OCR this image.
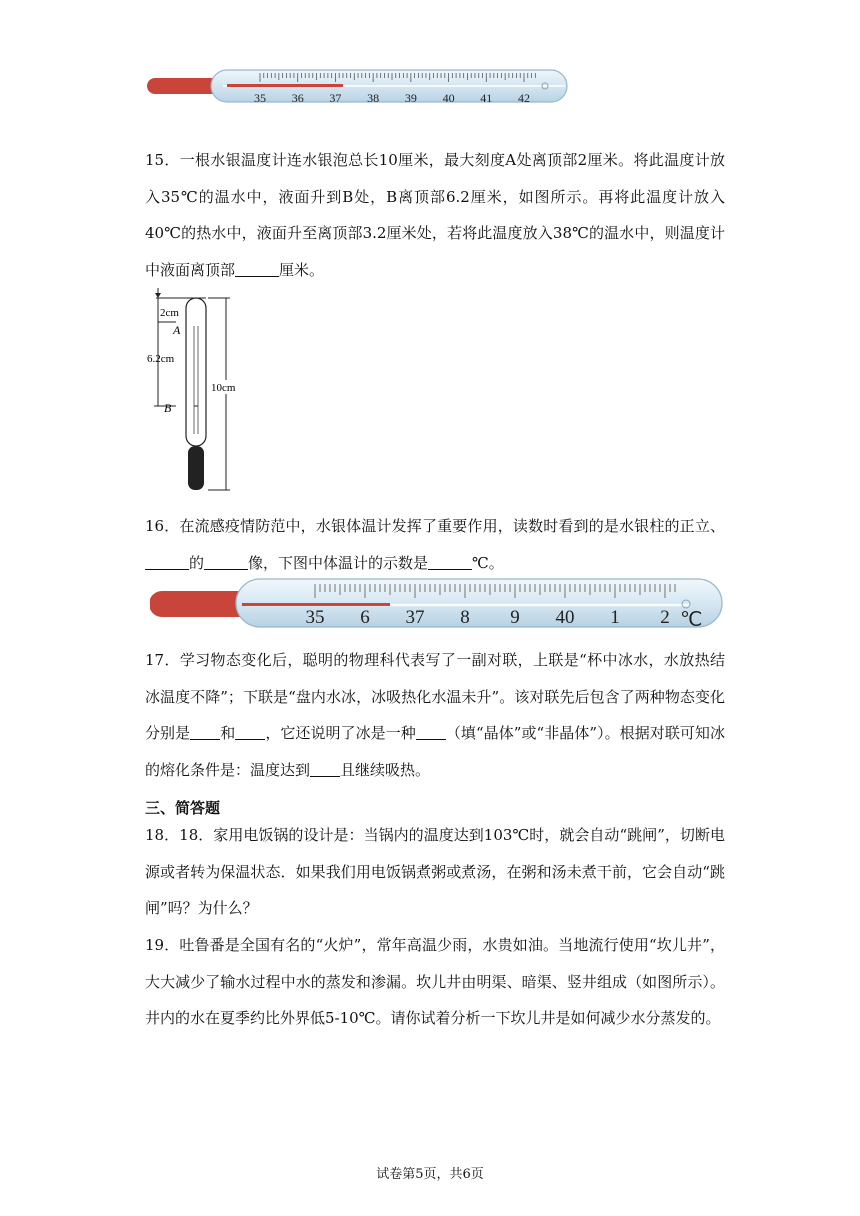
35 36 37 38 39 40 41 42

15．一根水银温度计连水银泡总长10厘米，最大刻度A处离顶部2厘米。将此温度计放入35℃的温水中，液面升到B处，B离顶部6.2厘米，如图所示。再将此温度计放入40℃的热水中，液面升至离顶部3.2厘米处，若将此温度放入38℃的温水中，则温度计中液面离顶部	厘米。

2cm
A
6.2cm
B
10cm

16．在流感疫情防范中，水银体温计发挥了重要作用，读数时看到的是水银柱的正立、的	像，下图中体温计的示数是	℃。

35 6 37 8 9 40 1 2 ℃

17．学习物态变化后，聪明的物理科代表写了一副对联，上联是“杯中冰水，水放热结冰温度不降”；下联是“盘内水冰，冰吸热化水温未升”。该对联先后包含了两种物态变化分别是 和 ，它还说明了冰是一种 （填“晶体”或“非晶体”）。根据对联可知冰的熔化条件是：温度达到 且继续吸热。

三、简答题

18．18．家用电饭锅的设计是：当锅内的温度达到103℃时，就会自动“跳闸”，切断电源或者转为保温状态．如果我们用电饭锅煮粥或煮汤，在粥和汤未煮干前，它会自动“跳闸”吗？为什么？

19．吐鲁番是全国有名的“火炉”，常年高温少雨，水贵如油。当地流行使用“坎儿井”，大大减少了输水过程中水的蒸发和渗漏。坎儿井由明渠、暗渠、竖井组成（如图所示）。井内的水在夏季约比外界低5-10℃。请你试着分析一下坎儿井是如何减少水分蒸发的。

试卷第5页，共6页
